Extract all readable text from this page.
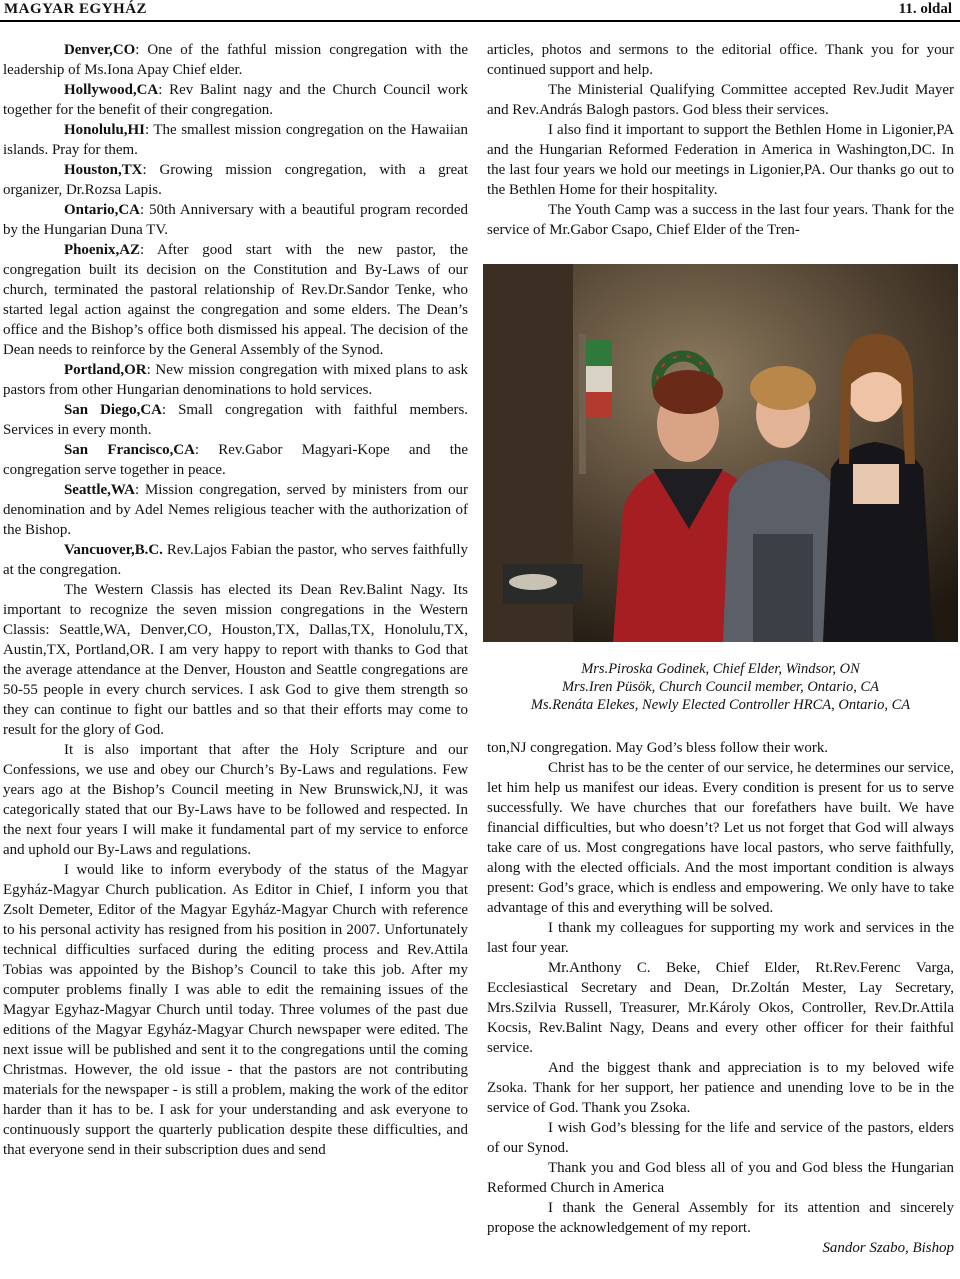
MAGYAR EGYHÁZ	11. oldal

Denver,CO: One of the fathful mission congregation with the leadership of Ms.Iona Apay Chief elder.

Hollywood,CA: Rev Balint nagy and the Church Council work together for the benefit of their congregation.

Honolulu,HI: The smallest mission congregation on the Hawaiian islands. Pray for them.

Houston,TX: Growing mission congregation, with a great organizer, Dr.Rozsa Lapis.

Ontario,CA: 50th Anniversary with a beautiful program recorded by the Hungarian Duna TV.

Phoenix,AZ: After good start with the new pastor, the congregation built its decision on the Constitution and By-Laws of our church, terminated the pastoral relationship of Rev.Dr.Sandor Tenke, who started legal action against the congregation and some elders. The Dean’s office and the Bishop’s office both dismissed his appeal. The decision of the Dean needs to reinforce by the General Assembly of the Synod.

Portland,OR: New mission congregation with mixed plans to ask pastors from other Hungarian denominations to hold services.

San Diego,CA: Small congregation with faithful members. Services in every month.

San Francisco,CA: Rev.Gabor Magyari-Kope and the congregation serve together in peace.

Seattle,WA: Mission congregation, served by ministers from our denomination and by Adel Nemes religious teacher with the authorization of the Bishop.

Vancuover,B.C. Rev.Lajos Fabian the pastor, who serves faithfully at the congregation.

The Western Classis has elected its Dean Rev.Balint Nagy. Its important to recognize the seven mission congregations in the Western Classis: Seattle,WA, Denver,CO, Houston,TX, Dallas,TX, Honolulu,TX, Austin,TX, Portland,OR. I am very happy to report with thanks to God that the average attendance at the Denver, Houston and Seattle congregations are 50-55 people in every church services. I ask God to give them strength so they can continue to fight our battles and so that their efforts may come to result for the glory of God.

It is also important that after the Holy Scripture and our Confessions, we use and obey our Church’s By-Laws and regulations. Few years ago at the Bishop’s Council meeting in New Brunswick,NJ, it was categorically stated that our By-Laws have to be followed and respected. In the next four years I will make it fundamental part of my service to enforce and uphold our By-Laws and regulations.

I would like to inform everybody of the status of the Magyar Egyház-Magyar Church publication. As Editor in Chief, I inform you that Zsolt Demeter, Editor of the Magyar Egyház-Magyar Church with reference to his personal activity has resigned from his position in 2007. Unfortunately technical difficulties surfaced during the editing process and Rev.Attila Tobias was appointed by the Bishop’s Council to take this job. After my computer problems finally I was able to edit the remaining issues of the Magyar Egyhaz-Magyar Church until today. Three volumes of the past due editions of the Magyar Egyház-Magyar Church newspaper were edited. The next issue will be published and sent it to the congregations until the coming Christmas. However, the old issue - that the pastors are not contributing materials for the newspaper - is still a problem, making the work of the editor harder than it has to be. I ask for your understanding and ask everyone to continuously support the quarterly publication despite these difficulties, and that everyone send in their subscription dues and send

articles, photos and sermons to the editorial office. Thank you for your continued support and help.

The Ministerial Qualifying Committee accepted Rev.Judit Mayer and Rev.András Balogh pastors. God bless their services.

I also find it important to support the Bethlen Home in Ligonier,PA and the Hungarian Reformed Federation in America in Washington,DC. In the last four years we hold our meetings in Ligonier,PA. Our thanks go out to the Bethlen Home for their hospitality.

The Youth Camp was a success in the last four years. Thank for the service of Mr.Gabor Csapo, Chief Elder of the Tren-

Mrs.Piroska Godinek, Chief Elder, Windsor, ON
Mrs.Iren Püsök, Church Council member, Ontario, CA
Ms.Renáta Elekes, Newly Elected Controller HRCA, Ontario, CA

ton,NJ congregation. May God’s bless follow their work.

Christ has to be the center of our service, he determines our service, let him help us manifest our ideas. Every condition is present for us to serve successfully. We have churches that our forefathers have built. We have financial difficulties, but who doesn’t? Let us not forget that God will always take care of us. Most congregations have local pastors, who serve faithfully, along with the elected officials. And the most important condition is always present: God’s grace, which is endless and empowering. We only have to take advantage of this and everything will be solved.

I thank my colleagues for supporting my work and services in the last four year.

Mr.Anthony C. Beke, Chief Elder, Rt.Rev.Ferenc Varga, Ecclesiastical Secretary and Dean, Dr.Zoltán Mester, Lay Secretary, Mrs.Szilvia Russell, Treasurer, Mr.Károly Okos, Controller, Rev.Dr.Attila Kocsis, Rev.Balint Nagy, Deans and every other officer for their faithful service.

And the biggest thank and appreciation is to my beloved wife Zsoka. Thank for her support, her patience and unending love to be in the service of God. Thank you Zsoka.

I wish God’s blessing for the life and service of the pastors, elders of our Synod.

Thank you and God bless all of you and God bless the Hungarian Reformed Church in America

I thank the General Assembly for its attention and sincerely propose the acknowledgement of my report.

Sandor Szabo, Bishop
